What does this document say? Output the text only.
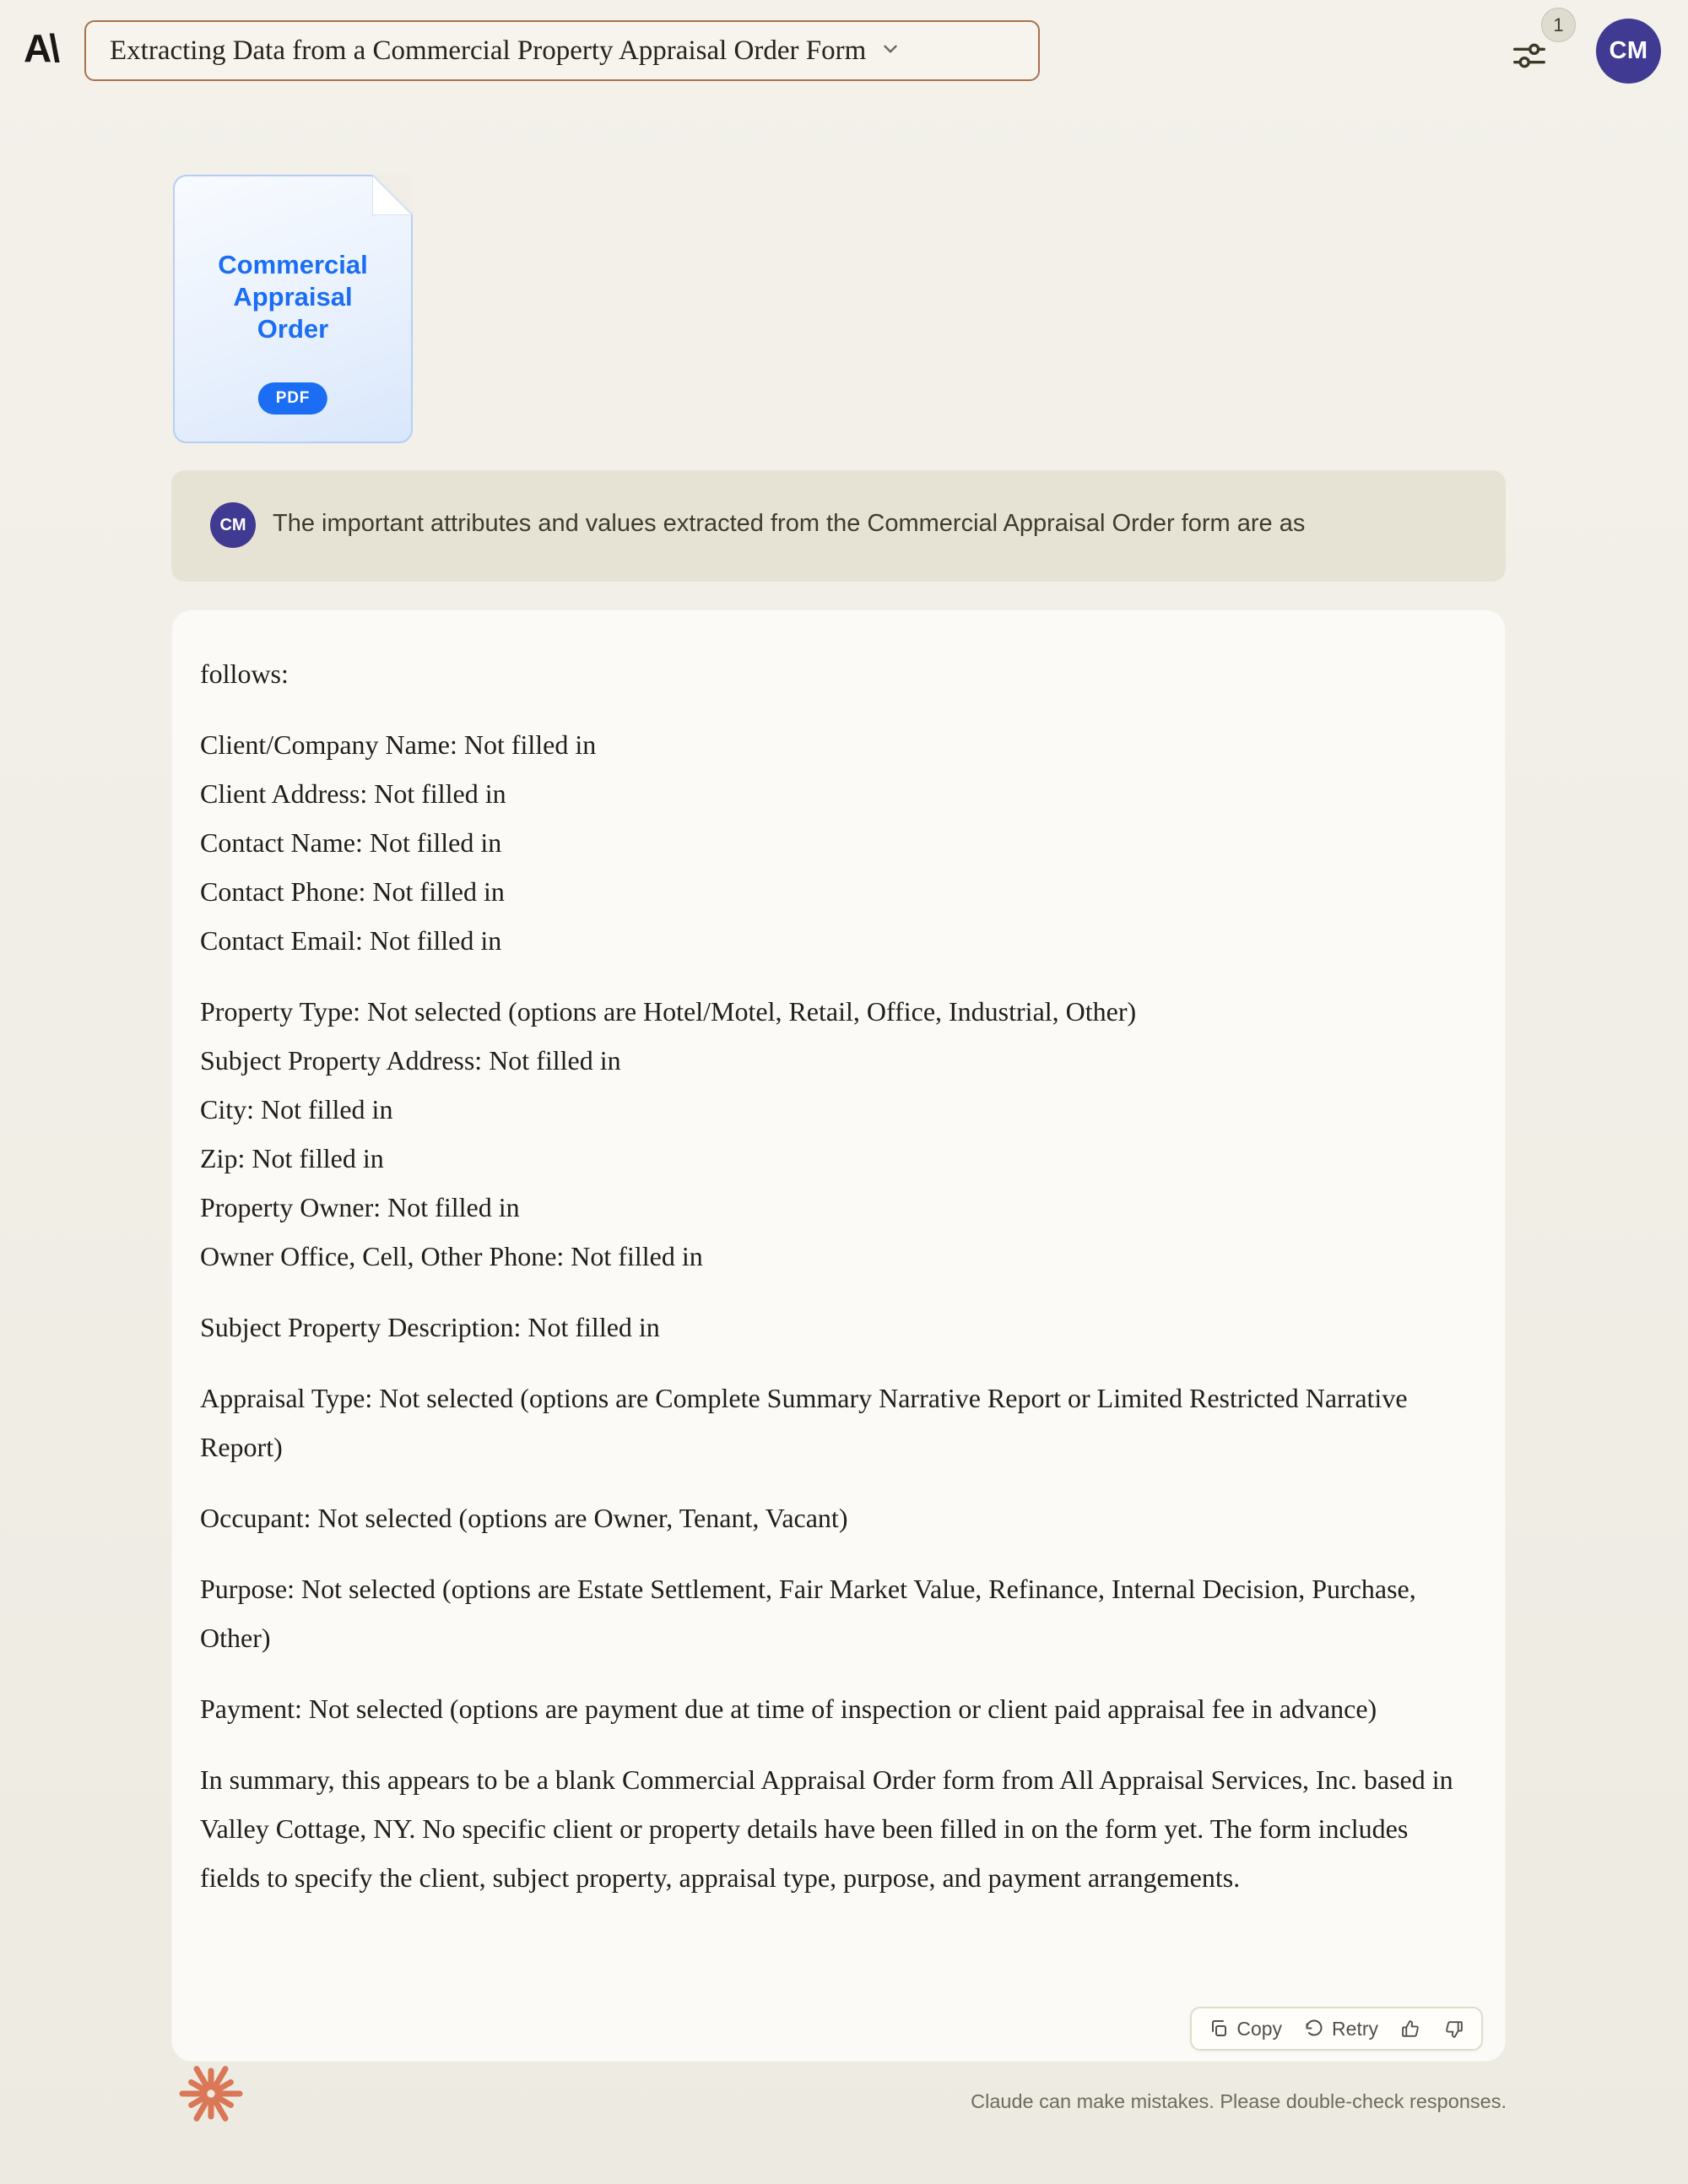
A\ Extracting Data from a Commercial Property Appraisal Order Form
1
CM
Commercial Appraisal Order
PDF
CM	The important attributes and values extracted from the Commercial Appraisal Order form are as
follows:
Client/Company Name: Not filled in
Client Address: Not filled in
Contact Name: Not filled in
Contact Phone: Not filled in
Contact Email: Not filled in
Property Type: Not selected (options are Hotel/Motel, Retail, Office, Industrial, Other)
Subject Property Address: Not filled in
City: Not filled in
Zip: Not filled in
Property Owner: Not filled in
Owner Office, Cell, Other Phone: Not filled in
Subject Property Description: Not filled in
Appraisal Type: Not selected (options are Complete Summary Narrative Report or Limited Restricted Narrative Report)
Occupant: Not selected (options are Owner, Tenant, Vacant)
Purpose: Not selected (options are Estate Settlement, Fair Market Value, Refinance, Internal Decision, Purchase, Other)
Payment: Not selected (options are payment due at time of inspection or client paid appraisal fee in advance)
In summary, this appears to be a blank Commercial Appraisal Order form from All Appraisal Services, Inc. based in Valley Cottage, NY. No specific client or property details have been filled in on the form yet. The form includes fields to specify the client, subject property, appraisal type, purpose, and payment arrangements.
Copy	Retry
Claude can make mistakes. Please double-check responses.
